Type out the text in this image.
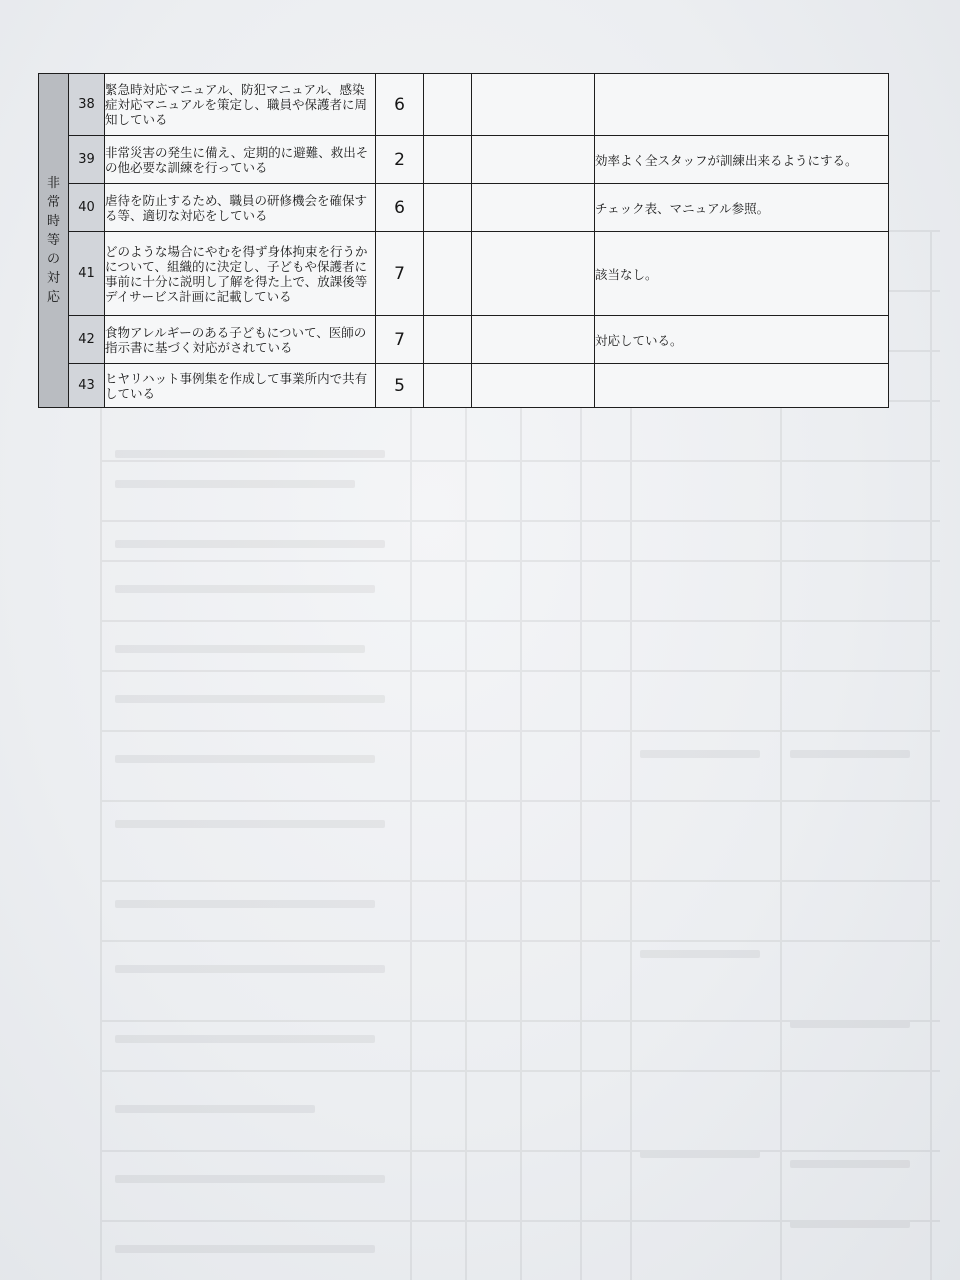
非常時等の対応	38	緊急時対応マニュアル、防犯マニュアル、感染症対応マニュアルを策定し、職員や保護者に周知している	6			
	39	非常災害の発生に備え、定期的に避難、救出その他必要な訓練を行っている	2			効率よく全スタッフが訓練出来るようにする。
	40	虐待を防止するため、職員の研修機会を確保する等、適切な対応をしている	6			チェック表、マニュアル参照。
	41	どのような場合にやむを得ず身体拘束を行うかについて、組織的に決定し、子どもや保護者に事前に十分に説明し了解を得た上で、放課後等デイサービス計画に記載している	7			該当なし。
	42	食物アレルギーのある子どもについて、医師の指示書に基づく対応がされている	7			対応している。
	43	ヒヤリハット事例集を作成して事業所内で共有している	5			
